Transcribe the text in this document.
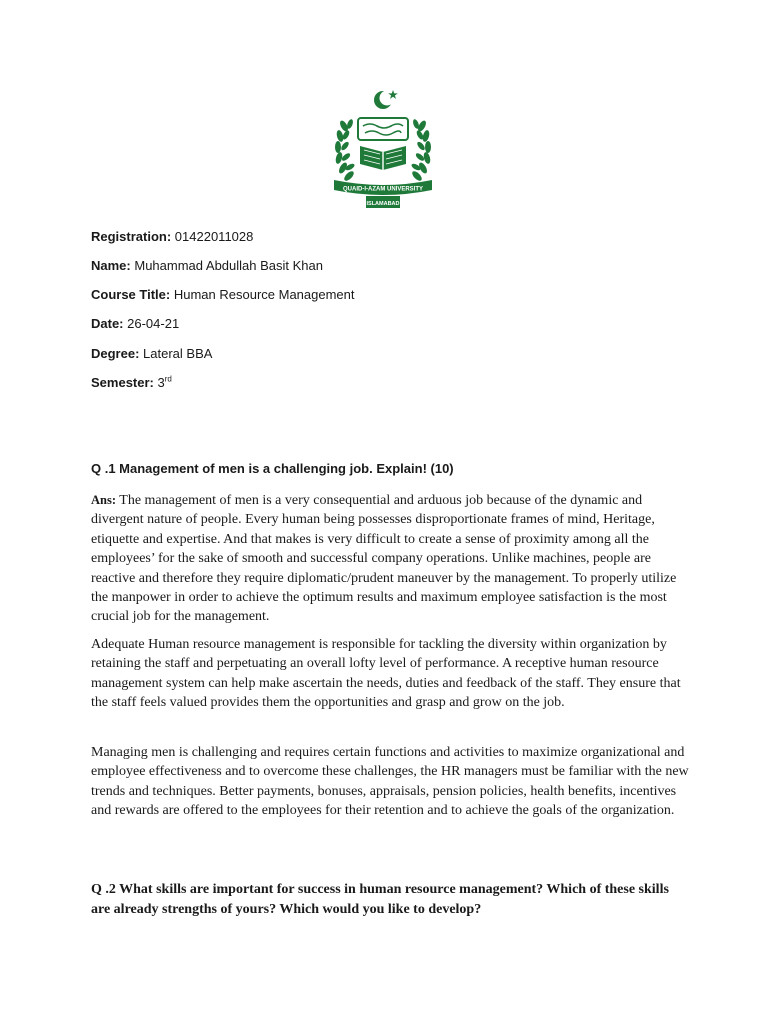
QUAID-I-AZAM UNIVERSITY
ISLAMABAD
Registration: 01422011028
Name: Muhammad Abdullah Basit Khan
Course Title: Human Resource Management
Date: 26-04-21
Degree: Lateral BBA
Semester: 3rd
Q .1 Management of men is a challenging job. Explain! (10)

Ans: The management of men is a very consequential and arduous job because of the dynamic and divergent nature of people. Every human being possesses disproportionate frames of mind, Heritage, etiquette and expertise. And that makes is very difficult to create a sense of proximity among all the employees’ for the sake of smooth and successful company operations. Unlike machines, people are reactive and therefore they require diplomatic/prudent maneuver by the management. To properly utilize the manpower in order to achieve the optimum results and maximum employee satisfaction is the most crucial job for the management.

Adequate Human resource management is responsible for tackling the diversity within organization by retaining the staff and perpetuating an overall lofty level of performance. A receptive human resource management system can help make ascertain the needs, duties and feedback of the staff. They ensure that the staff feels valued provides them the opportunities and grasp and grow on the job.

Managing men is challenging and requires certain functions and activities to maximize organizational and employee effectiveness and to overcome these challenges, the HR managers must be familiar with the new trends and techniques. Better payments, bonuses, appraisals, pension policies, health benefits, incentives and rewards are offered to the employees for their retention and to achieve the goals of the organization.

Q .2 What skills are important for success in human resource management? Which of these skills are already strengths of yours? Which would you like to develop?
